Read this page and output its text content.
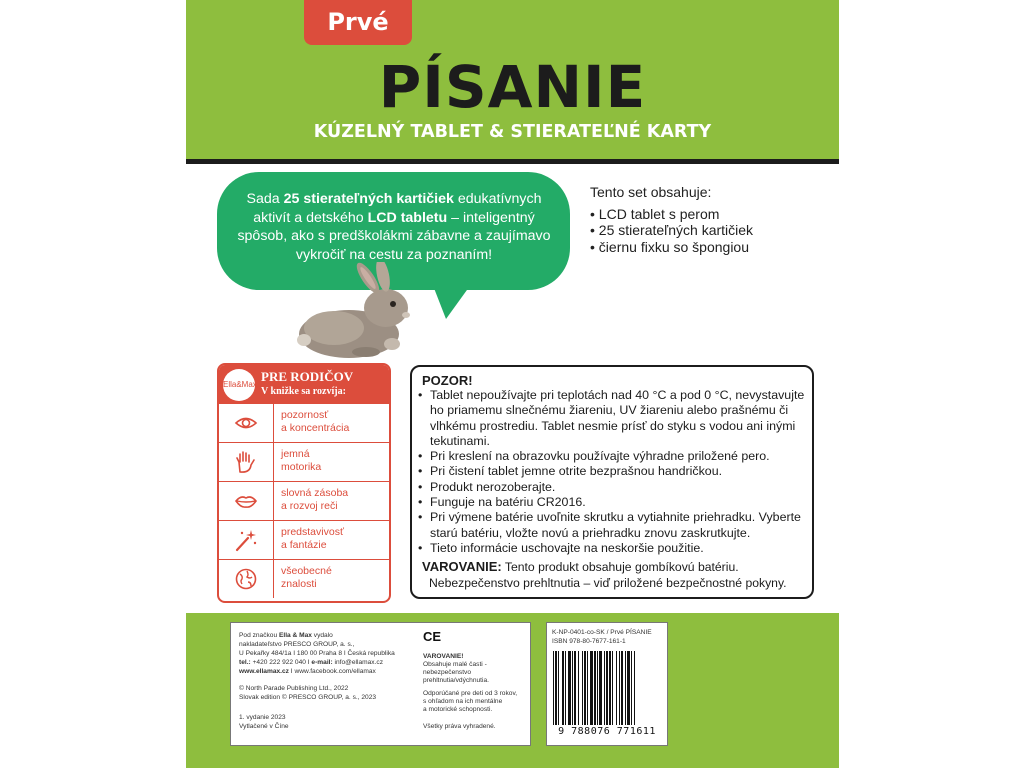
Prvé
PÍSANIE
KÚZELNÝ TABLET & STIERATEĽNÉ KARTY
Sada 25 stierateľných kartičiek edukatívnych aktivít a detského LCD tabletu – inteligentný spôsob, ako s predškolákmi zábavne a zaujímavo vykročiť na cestu za poznaním!
Tento set obsahuje:
• LCD tablet s perom
• 25 stierateľných kartičiek
• čiernu fixku so špongiou
Ella&Max
PRE RODIČOV
V knižke sa rozvíja:
pozornosť
a koncentrácia
jemná
motorika
slovná zásoba
a rozvoj reči
predstavivosť
a fantázie
všeobecné
znalosti
POZOR!
• Tablet nepoužívajte pri teplotách nad 40 °C a pod 0 °C, nevystavujte ho priamemu slnečnému žiareniu, UV žiareniu alebo prašnému či vlhkému prostrediu. Tablet nesmie prísť do styku s vodou ani inými tekutinami.
• Pri kreslení na obrazovku používajte výhradne priložené pero.
• Pri čistení tablet jemne otrite bezprašnou handričkou.
• Produkt nerozoberajte.
• Funguje na batériu CR2016.
• Pri výmene batérie uvoľnite skrutku a vytiahnite priehradku. Vyberte starú batériu, vložte novú a priehradku znovu zaskrutkujte.
• Tieto informácie uschovajte na neskoršie použitie.
VAROVANIE: Tento produkt obsahuje gombíkovú batériu.
Nebezpečenstvo prehltnutia – viď priložené bezpečnostné pokyny.
Pod značkou Ella & Max vydalo
nakladateľstvo PRESCO GROUP, a. s.,
U Pekařky 484/1a I 180 00 Praha 8 I Česká republika
tel.: +420 222 922 040 I e-mail: info@ellamax.cz
www.ellamax.cz I www.facebook.com/ellamax
© North Parade Publishing Ltd., 2022
Slovak edition © PRESCO GROUP, a. s., 2023
1. vydanie 2023
Vytlačené v Číne
CE
VAROVANIE!
Obsahuje malé časti -
nebezpečenstvo
prehltnutia/vdýchnutia.
Odporúčané pre deti od 3 rokov,
s ohľadom na ich mentálne
a motorické schopnosti.
Všetky práva vyhradené.
K-NP-0401-co-SK / Prvé PÍSANIE
ISBN 978-80-7677-161-1
9 788076 771611
